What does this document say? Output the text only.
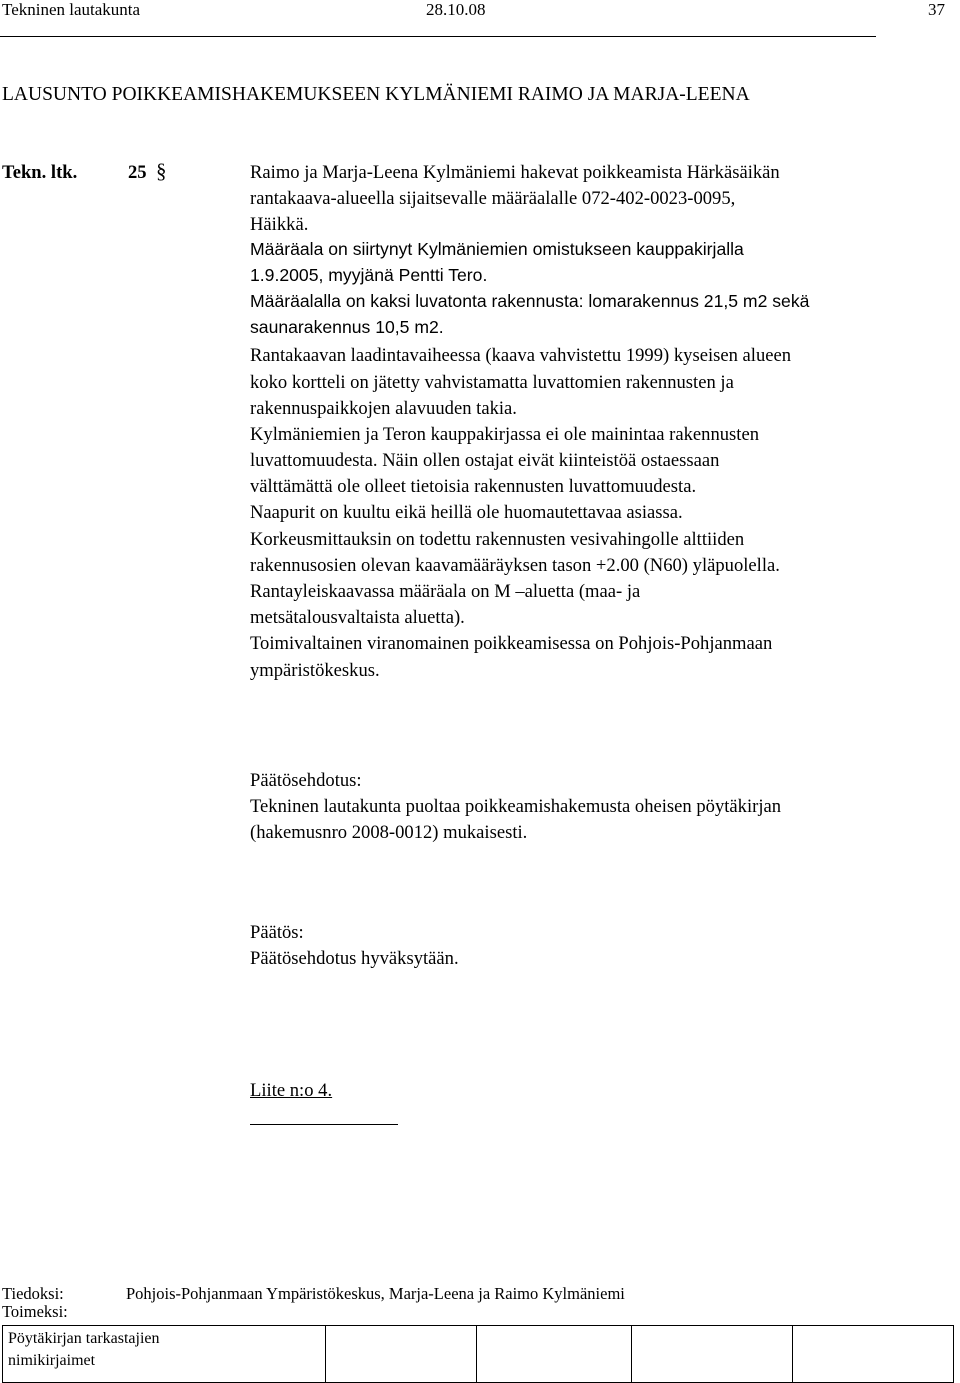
Tekninen lautakunta	28.10.08	37
LAUSUNTO POIKKEAMISHAKEMUKSEEN KYLMÄNIEMI RAIMO JA MARJA-LEENA
Tekn. ltk.	25 §	Raimo ja Marja-Leena Kylmäniemi hakevat poikkeamista Härkäsäikän
rantakaava-alueella sijaitsevalle määräalalle 072-402-0023-0095,
Häikkä.
Määräala on siirtynyt Kylmäniemien omistukseen kauppakirjalla
1.9.2005, myyjänä Pentti Tero.
Määräalalla on kaksi luvatonta rakennusta: lomarakennus 21,5 m2 sekä
saunarakennus 10,5 m2.
Rantakaavan laadintavaiheessa (kaava vahvistettu 1999) kyseisen alueen
koko kortteli on jätetty vahvistamatta luvattomien rakennusten ja
rakennuspaikkojen alavuuden takia.
Kylmäniemien ja Teron kauppakirjassa ei ole mainintaa rakennusten
luvattomuudesta. Näin ollen ostajat eivät kiinteistöä ostaessaan
välttämättä ole olleet tietoisia rakennusten luvattomuudesta.
Naapurit on kuultu eikä heillä ole huomautettavaa asiassa.
Korkeusmittauksin on todettu rakennusten vesivahingolle alttiiden
rakennusosien olevan kaavamääräyksen tason +2.00 (N60) yläpuolella.
Rantayleiskaavassa määräala on M –aluetta (maa- ja
metsätalousvaltaista aluetta).
Toimivaltainen viranomainen poikkeamisessa on Pohjois-Pohjanmaan
ympäristökeskus.
Päätösehdotus:
Tekninen lautakunta puoltaa poikkeamishakemusta oheisen pöytäkirjan
(hakemusnro 2008-0012) mukaisesti.
Päätös:
Päätösehdotus hyväksytään.
Liite n:o 4.
Tiedoksi:	Pohjois-Pohjanmaan Ympäristökeskus, Marja-Leena ja Raimo Kylmäniemi
Toimeksi:
Pöytäkirjan tarkastajien
nimikirjaimet
